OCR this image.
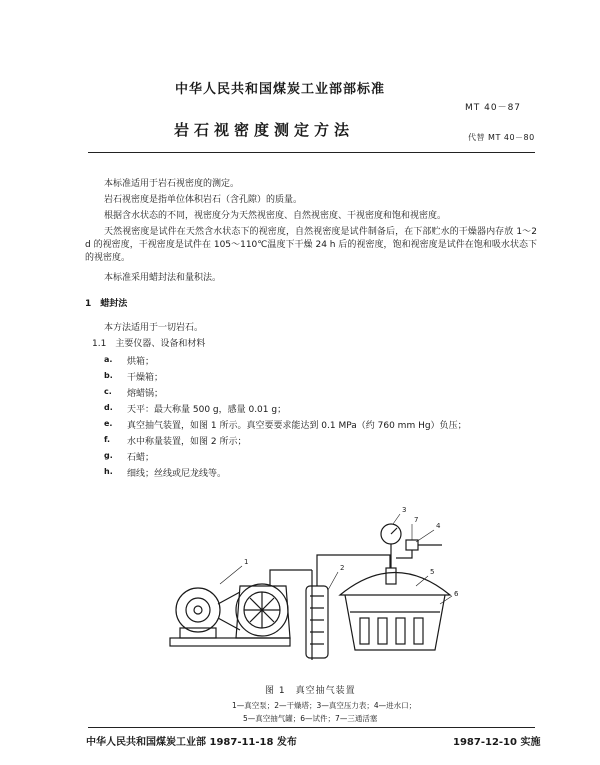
中华人民共和国煤炭工业部部标准
MT 40－87
岩石视密度测定方法	代替 MT 40－80
本标准适用于岩石视密度的测定。
岩石视密度是指单位体积岩石（含孔隙）的质量。
根据含水状态的不同，视密度分为天然视密度、自然视密度、干视密度和饱和视密度。
天然视密度是试件在天然含水状态下的视密度，自然视密度是试件制备后，在下部贮水的干燥器内存放 1～2 d 的视密度，干视密度是试件在 105～110℃温度下干燥 24 h 后的视密度，饱和视密度是试件在饱和吸水状态下的视密度。
本标准采用蜡封法和量积法。
1　蜡封法
本方法适用于一切岩石。
1.1　主要仪器、设备和材料
a. 烘箱；
b. 干燥箱；
c. 熔蜡锅；
d. 天平：最大称量 500 g，感量 0.01 g；
e. 真空抽气装置，如图 1 所示。真空要要求能达到 0.1 MPa（约 760 mm Hg）负压；
f. 水中称量装置，如图 2 所示；
g. 石蜡；
h. 细线；丝线或尼龙线等。
1
2
3
4
5
6
7
图 1　真空抽气装置
1—真空泵；2—干燥塔；3—真空压力表；4—进水口；
5—真空抽气罐；6—试件；7—三通活塞
中华人民共和国煤炭工业部 1987-11-18 发布	1987-12-10 实施
